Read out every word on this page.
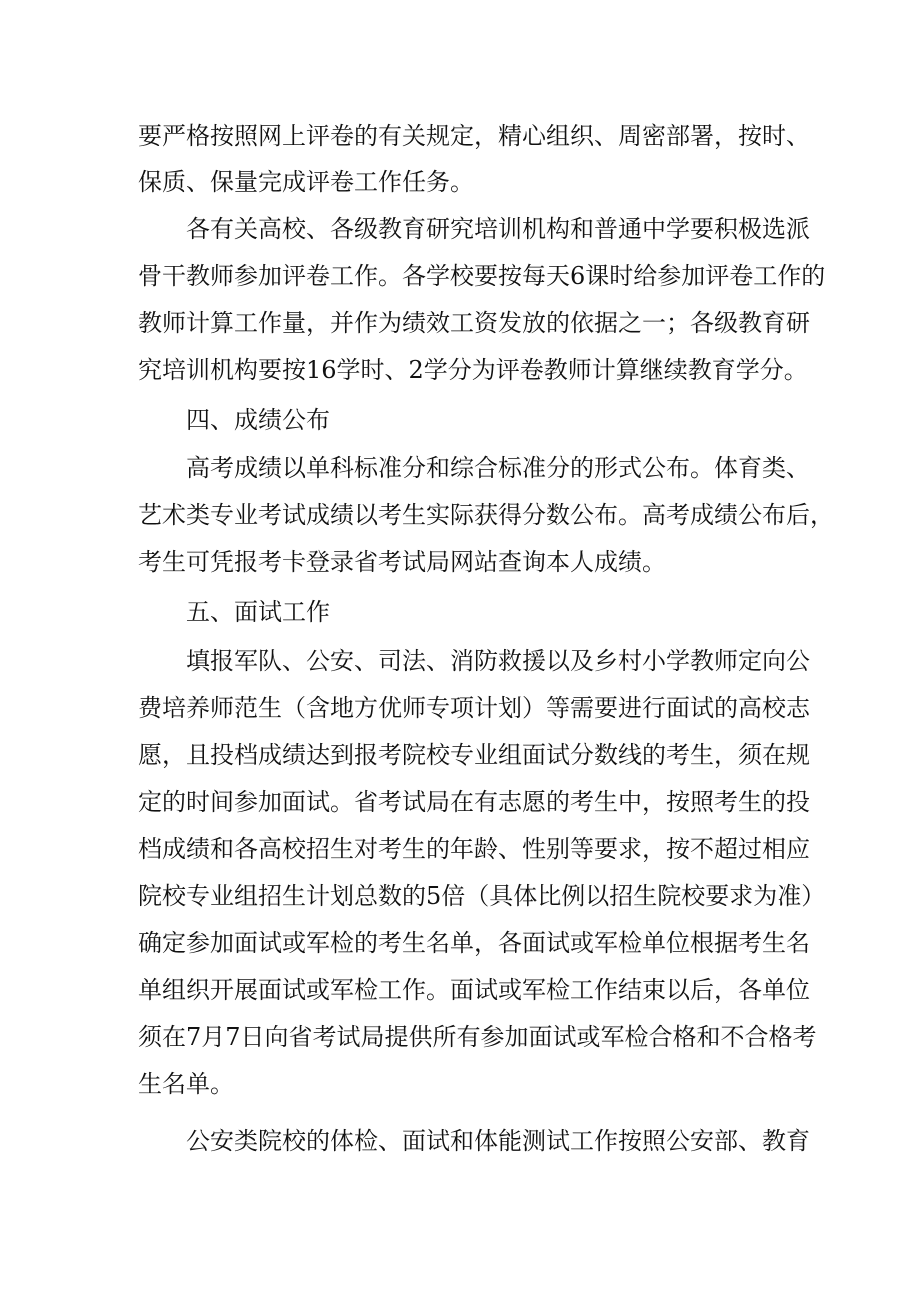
要严格按照网上评卷的有关规定，精心组织、周密部署，按时、
保质、保量完成评卷工作任务。
各有关高校、各级教育研究培训机构和普通中学要积极选派
骨干教师参加评卷工作。各学校要按每天6课时给参加评卷工作的
教师计算工作量，并作为绩效工资发放的依据之一；各级教育研
究培训机构要按16学时、2学分为评卷教师计算继续教育学分。
四、成绩公布
高考成绩以单科标准分和综合标准分的形式公布。体育类、
艺术类专业考试成绩以考生实际获得分数公布。高考成绩公布后，
考生可凭报考卡登录省考试局网站查询本人成绩。
五、面试工作
填报军队、公安、司法、消防救援以及乡村小学教师定向公
费培养师范生（含地方优师专项计划）等需要进行面试的高校志
愿，且投档成绩达到报考院校专业组面试分数线的考生，须在规
定的时间参加面试。省考试局在有志愿的考生中，按照考生的投
档成绩和各高校招生对考生的年龄、性别等要求，按不超过相应
院校专业组招生计划总数的5倍（具体比例以招生院校要求为准）
确定参加面试或军检的考生名单，各面试或军检单位根据考生名
单组织开展面试或军检工作。面试或军检工作结束以后，各单位
须在7月7日向省考试局提供所有参加面试或军检合格和不合格考
生名单。
公安类院校的体检、面试和体能测试工作按照公安部、教育
